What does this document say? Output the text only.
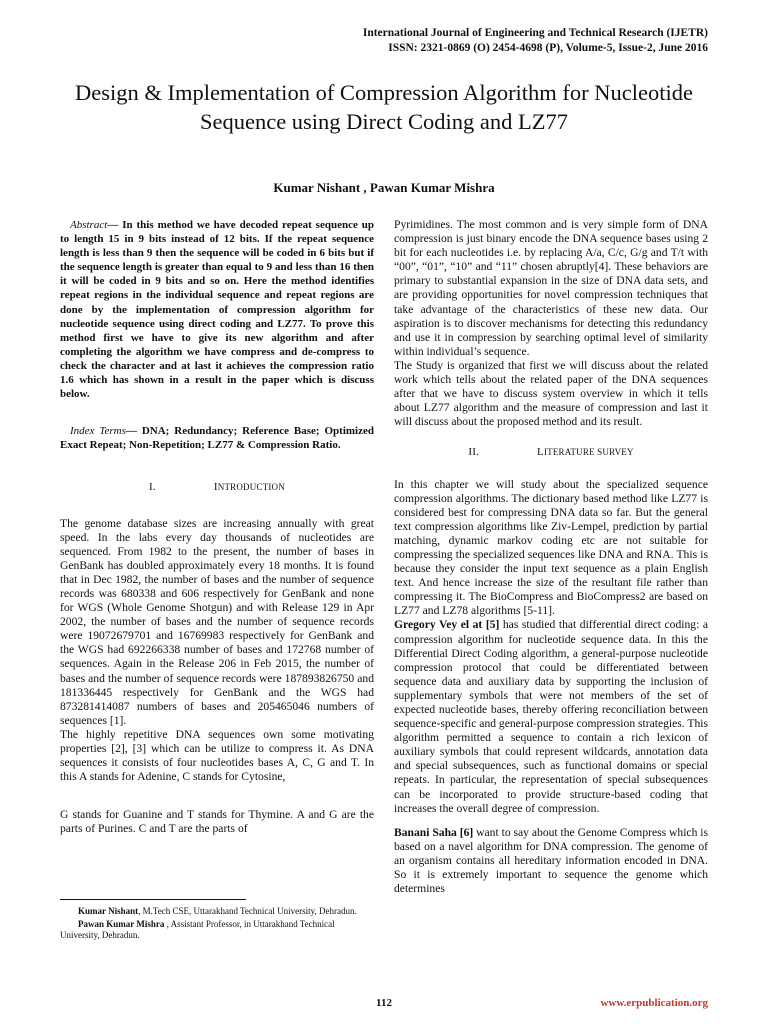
International Journal of Engineering and Technical Research (IJETR)
ISSN: 2321-0869 (O) 2454-4698 (P), Volume-5, Issue-2, June 2016
Design & Implementation of Compression Algorithm for Nucleotide Sequence using Direct Coding and LZ77
Kumar Nishant , Pawan Kumar Mishra

Abstract— In this method we have decoded repeat sequence up to length 15 in 9 bits instead of 12 bits. If the repeat sequence length is less than 9 then the sequence will be coded in 6 bits but if the sequence length is greater than equal to 9 and less than 16 then it will be coded in 9 bits and so on. Here the method identifies repeat regions in the individual sequence and repeat regions are done by the implementation of compression algorithm for nucleotide sequence using direct coding and LZ77. To prove this method first we have to give its new algorithm and after completing the algorithm we have compress and de-compress to check the character and at last it achieves the compression ratio 1.6 which has shown in a result in the paper which is discuss below.

Index Terms— DNA; Redundancy; Reference Base; Optimized Exact Repeat; Non-Repetition; LZ77 & Compression Ratio.

I.	INTRODUCTION

The genome database sizes are increasing annually with great speed. In the labs every day thousands of nucleotides are sequenced. From 1982 to the present, the number of bases in GenBank has doubled approximately every 18 months. It is found that in Dec 1982, the number of bases and the number of sequence records was 680338 and 606 respectively for GenBank and none for WGS (Whole Genome Shotgun) and with Release 129 in Apr 2002, the number of bases and the number of sequence records were 19072679701 and 16769983 respectively for GenBank and the WGS had 692266338 number of bases and 172768 number of sequences. Again in the Release 206 in Feb 2015, the number of bases and the number of sequence records were 187893826750 and 181336445 respectively for GenBank and the WGS had 873281414087 numbers of bases and 205465046 numbers of sequences [1].

The highly repetitive DNA sequences own some motivating properties [2], [3] which can be utilize to compress it. As DNA sequences it consists of four nucleotides bases A, C, G and T. In this A stands for Adenine, C stands for Cytosine,

G stands for Guanine and T stands for Thymine. A and G are the parts of Purines. C and T are the parts of

Pyrimidines. The most common and is very simple form of DNA compression is just binary encode the DNA sequence bases using 2 bit for each nucleotides i.e. by replacing A/a, C/c, G/g and T/t with “00”, “01”, “10” and “11” chosen abruptly[4]. These behaviors are primary to substantial expansion in the size of DNA data sets, and are providing opportunities for novel compression techniques that take advantage of the characteristics of these new data. Our aspiration is to discover mechanisms for detecting this redundancy and use it in compression by searching optimal level of similarity within individual’s sequence.

The Study is organized that first we will discuss about the related work which tells about the related paper of the DNA sequences after that we have to discuss system overview in which it tells about LZ77 algorithm and the measure of compression and last it will discuss about the proposed method and its result.

II.	LITERATURE SURVEY

In this chapter we will study about the specialized sequence compression algorithms. The dictionary based method like LZ77 is considered best for compressing DNA data so far. But the general text compression algorithms like Ziv-Lempel, prediction by partial matching, dynamic markov coding etc are not suitable for compressing the specialized sequences like DNA and RNA. This is because they consider the input text sequence as a plain English text. And hence increase the size of the resultant file rather than compressing it. The BioCompress and BioCompress2 are based on LZ77 and LZ78 algorithms [5-11].

Gregory Vey el at [5] has studied that differential direct coding: a compression algorithm for nucleotide sequence data. In this the Differential Direct Coding algorithm, a general-purpose nucleotide compression protocol that could be differentiated between sequence data and auxiliary data by supporting the inclusion of supplementary symbols that were not members of the set of expected nucleotide bases, thereby offering reconciliation between sequence-specific and general-purpose compression strategies. This algorithm permitted a sequence to contain a rich lexicon of auxiliary symbols that could represent wildcards, annotation data and special subsequences, such as functional domains or special repeats. In particular, the representation of special subsequences can be incorporated to provide structure-based coding that increases the overall degree of compression.

Banani Saha [6] want to say about the Genome Compress which is based on a navel algorithm for DNA compression. The genome of an organism contains all hereditary information encoded in DNA. So it is extremely important to sequence the genome which determines

Kumar Nishant, M.Tech CSE, Uttarakhand Technical University, Dehradun.

Pawan Kumar Mishra , Assistant Professor, in Uttarakhand Technical University, Dehradun.

112	www.erpublication.org
